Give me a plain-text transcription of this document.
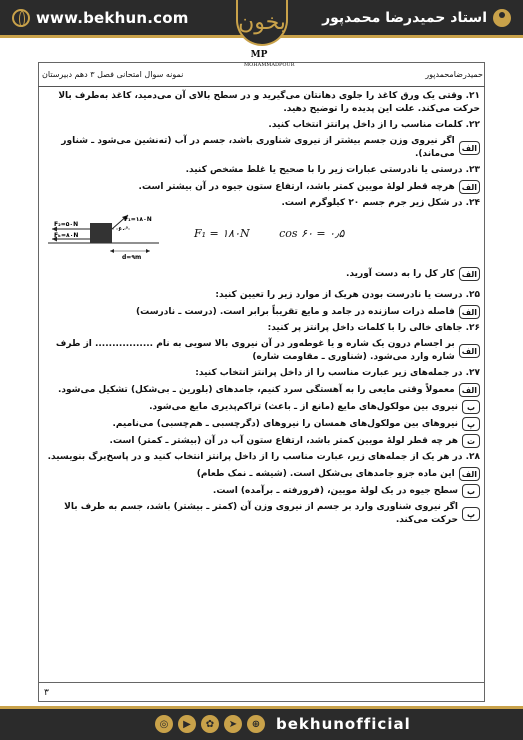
www.bekhun.com	استاد حمیدرضا محمدپور
بخون
MP
MOHAMMADPOUR
حمیدرضامحمدپور
نمونه سوال امتحانی فصل ۳ دهم دبیرستان
۲۱. وقتی یک ورق کاغذ را جلوی دهانتان می‌گیرید و در سطح بالای آن می‌دمید، کاغذ به‌طرف بالا حرکت می‌کند. علت این پدیده را توضیح دهید.
۲۲. کلمات مناسب را از داخل پرانتز انتخاب کنید.
الف
اگر نیروی وزن جسم بیشتر از نیروی شناوری باشد، جسم در آب (ته‌نشین می‌شود ـ شناور می‌ماند).
۲۳. درستی یا نادرستی عبارات زیر را با صحیح یا غلط مشخص کنید.
الف
هرچه قطر لولهٔ مویین کمتر باشد، ارتفاع ستون جیوه در آن بیشتر است.
۲۴. در شکل زیر جرم جسم ۲۰ کیلوگرم است.
F₂=۵۰N
Fₖ=۸۰N
F₁=۱۸۰N
۶۰°
d=۹m
F₁ = ۱۸۰N	cos ۶۰ = ۰٫۵
الف
کار کل را به دست آورید.
۲۵. درست یا نادرست بودن هریک از موارد زیر را تعیین کنید:
الف
فاصله ذرات سازنده در جامد و مایع تقریباً برابر است. (درست ـ نادرست)
۲۶. جاهای خالی را با کلمات داخل پرانتز پر کنید:
الف
بر اجسام درون یک شاره و یا غوطه‌ور در آن نیروی بالا سویی به نام ................. از طرف شاره وارد می‌شود. (شناوری ـ مقاومت شاره)
۲۷. در جمله‌های زیر عبارت مناسب را از داخل پرانتز انتخاب کنید:
الف
معمولاً وقتی مایعی را به آهستگی سرد کنیم، جامدهای (بلورین ـ بی‌شکل) تشکیل می‌شود.
ب
نیروی بین مولکول‌های مایع (مانع از ـ باعث) تراکم‌پذیری مایع می‌شود.
پ
نیروهای بین مولکول‌های همسان را نیروهای (دگرچسبی ـ هم‌چسبی) می‌نامیم.
ت
هر چه قطر لولهٔ مویین کمتر باشد، ارتفاع ستون آب در آن (بیشتر ـ کمتر) است.
۲۸. در هر یک از جمله‌های زیر، عبارت مناسب را از داخل پرانتز انتخاب کنید و در پاسخ‌برگ بنویسید.
الف
این ماده جزو جامدهای بی‌شکل است. (شیشه ـ نمک طعام)
ب
سطح جیوه در یک لولهٔ مویین، (فرورفته ـ برآمده) است.
پ
اگر نیروی شناوری وارد بر جسم از نیروی وزن آن (کمتر ـ بیشتر) باشد، جسم به طرف بالا حرکت می‌کند.
۳
◎	▶	✿	➤	⊕	bekhunofficial
